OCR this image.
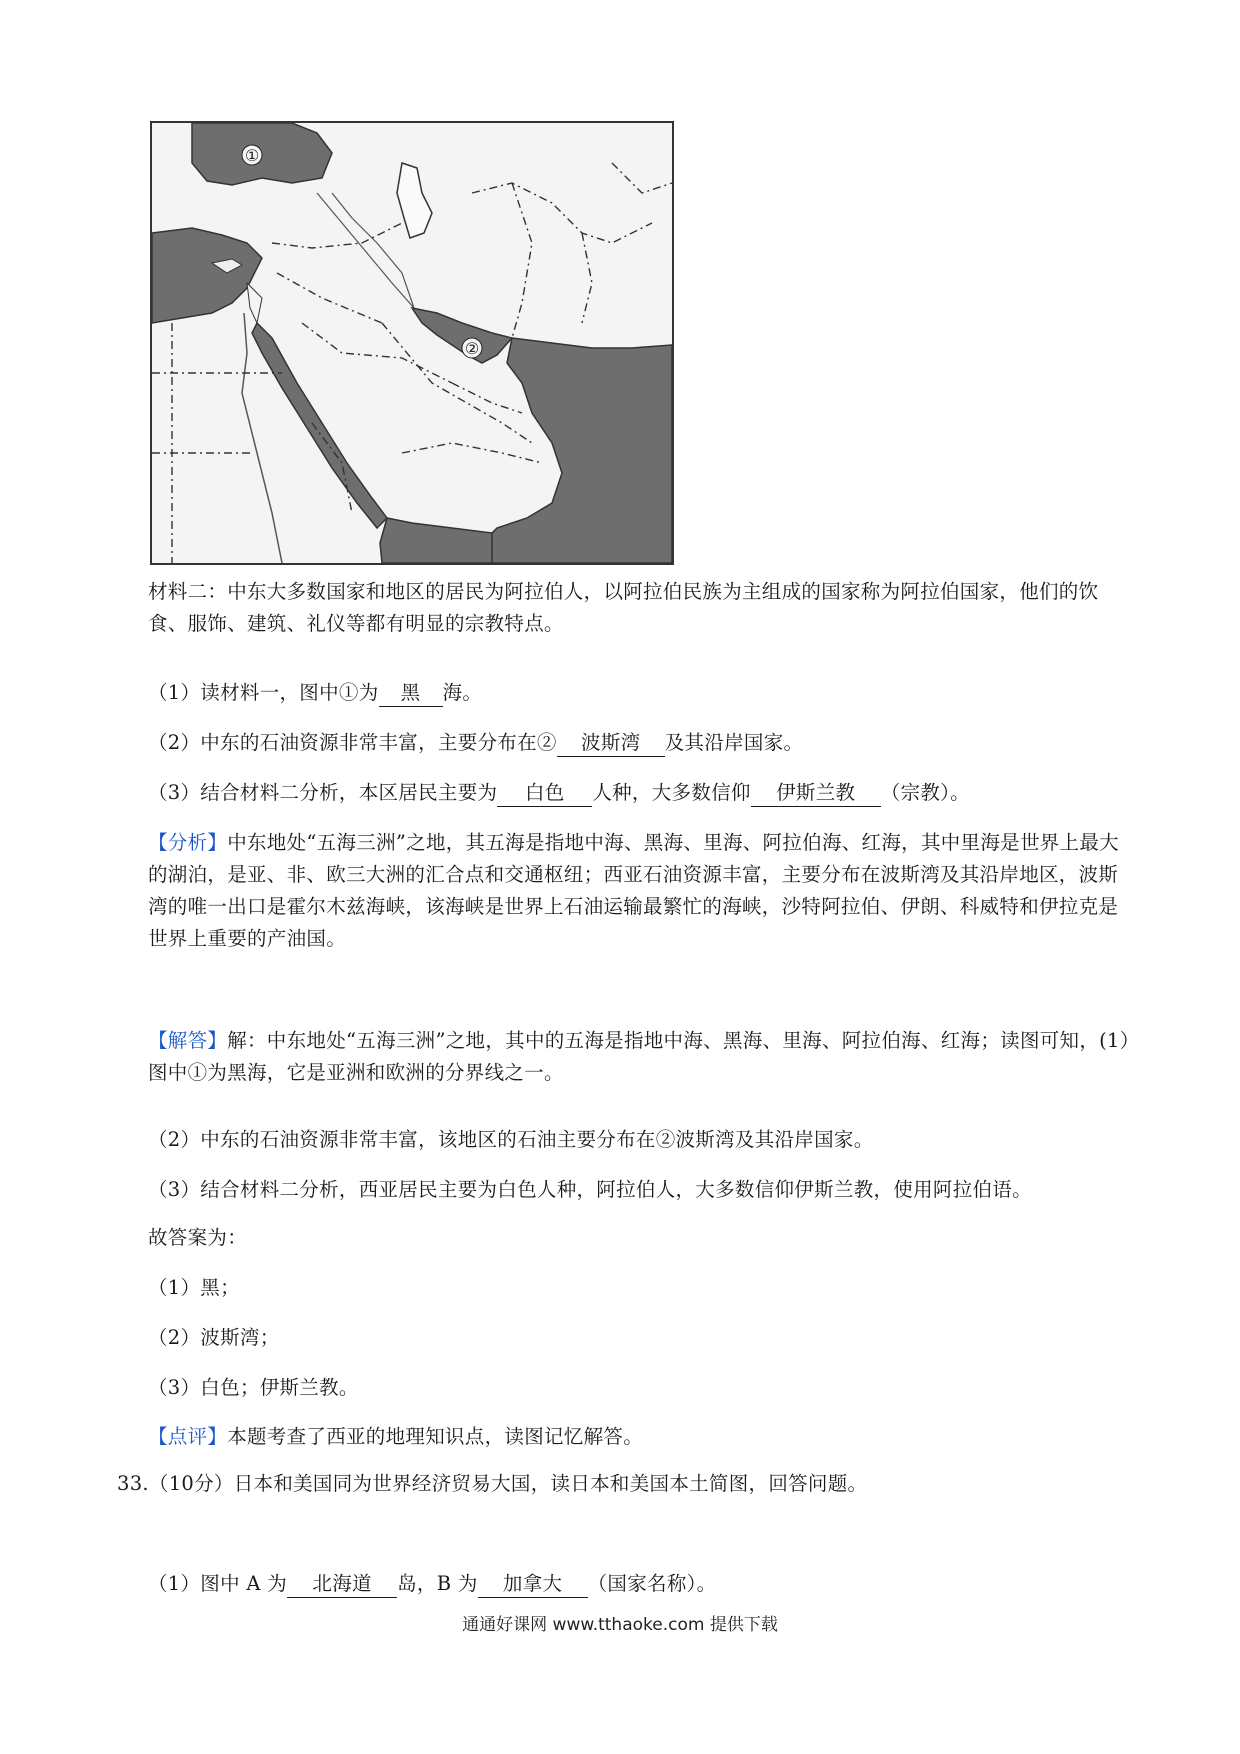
①
②

材料二：中东大多数国家和地区的居民为阿拉伯人，以阿拉伯民族为主组成的国家称为阿拉伯国家，他们的饮食、服饰、建筑、礼仪等都有明显的宗教特点。

（1）读材料一，图中①为 黑 海。
（2）中东的石油资源非常丰富，主要分布在② 波斯湾 及其沿岸国家。
（3）结合材料二分析，本区居民主要为 白色 人种，大多数信仰 伊斯兰教 （宗教）。

【分析】中东地处“五海三洲”之地，其五海是指地中海、黑海、里海、阿拉伯海、红海，其中里海是世界上最大的湖泊，是亚、非、欧三大洲的汇合点和交通枢纽；西亚石油资源丰富，主要分布在波斯湾及其沿岸地区，波斯湾的唯一出口是霍尔木兹海峡，该海峡是世界上石油运输最繁忙的海峡，沙特阿拉伯、伊朗、科威特和伊拉克是世界上重要的产油国。

【解答】解：中东地处“五海三洲”之地，其中的五海是指地中海、黑海、里海、阿拉伯海、红海；读图可知，(1）图中①为黑海，它是亚洲和欧洲的分界线之一。

（2）中东的石油资源非常丰富，该地区的石油主要分布在②波斯湾及其沿岸国家。
（3）结合材料二分析，西亚居民主要为白色人种，阿拉伯人，大多数信仰伊斯兰教，使用阿拉伯语。
故答案为：
（1）黑；
（2）波斯湾；
（3）白色；伊斯兰教。
【点评】本题考查了西亚的地理知识点，读图记忆解答。
33.（10分）日本和美国同为世界经济贸易大国，读日本和美国本土简图，回答问题。
（1）图中 A 为 北海道 岛，B 为 加拿大 （国家名称）。
通通好课网 www.tthaoke.com 提供下载
